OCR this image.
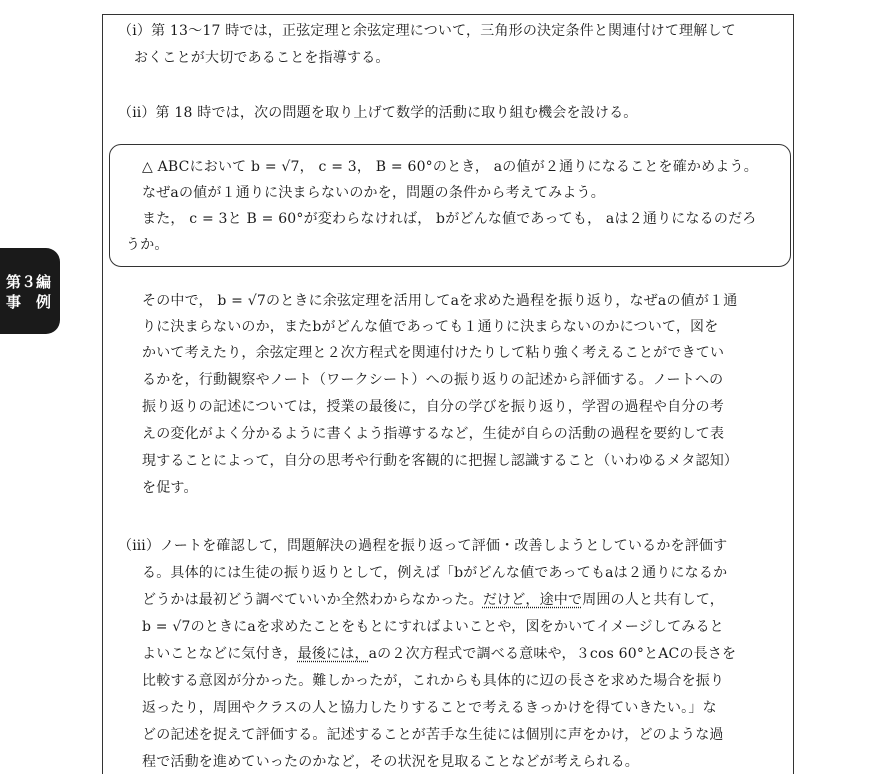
第３編
事　例
（ⅰ）第 13～17 時では，正弦定理と余弦定理について，三角形の決定条件と関連付けて理解して
おくことが大切であることを指導する。
（ⅱ）第 18 時では，次の問題を取り上げて数学的活動に取り組む機会を設ける。
△ ABCにおいて b = √7， c = 3， B = 60°のとき， aの値が２通りになることを確かめよう。
なぜaの値が１通りに決まらないのかを，問題の条件から考えてみよう。
また， c = 3と B = 60°が変わらなければ， bがどんな値であっても， aは２通りになるのだろ
うか。
その中で， b = √7のときに余弦定理を活用してaを求めた過程を振り返り，なぜaの値が１通
りに決まらないのか，またbがどんな値であっても１通りに決まらないのかについて，図を
かいて考えたり，余弦定理と２次方程式を関連付けたりして粘り強く考えることができてい
るかを，行動観察やノート（ワークシート）への振り返りの記述から評価する。ノートへの
振り返りの記述については，授業の最後に，自分の学びを振り返り，学習の過程や自分の考
えの変化がよく分かるように書くよう指導するなど，生徒が自らの活動の過程を要約して表
現することによって，自分の思考や行動を客観的に把握し認識すること（いわゆるメタ認知）
を促す。
（ⅲ）ノートを確認して，問題解決の過程を振り返って評価・改善しようとしているかを評価す
る。具体的には生徒の振り返りとして，例えば「bがどんな値であってもaは２通りになるか
どうかは最初どう調べていいか全然わからなかった。だけど，途中で周囲の人と共有して，
b = √7のときにaを求めたことをもとにすればよいことや，図をかいてイメージしてみると
よいことなどに気付き，最後には，aの２次方程式で調べる意味や，３cos 60°とACの長さを
比較する意図が分かった。難しかったが，これからも具体的に辺の長さを求めた場合を振り
返ったり，周囲やクラスの人と協力したりすることで考えるきっかけを得ていきたい。」な
どの記述を捉えて評価する。記述することが苦手な生徒には個別に声をかけ，どのような過
程で活動を進めていったのかなど，その状況を見取ることなどが考えられる。
